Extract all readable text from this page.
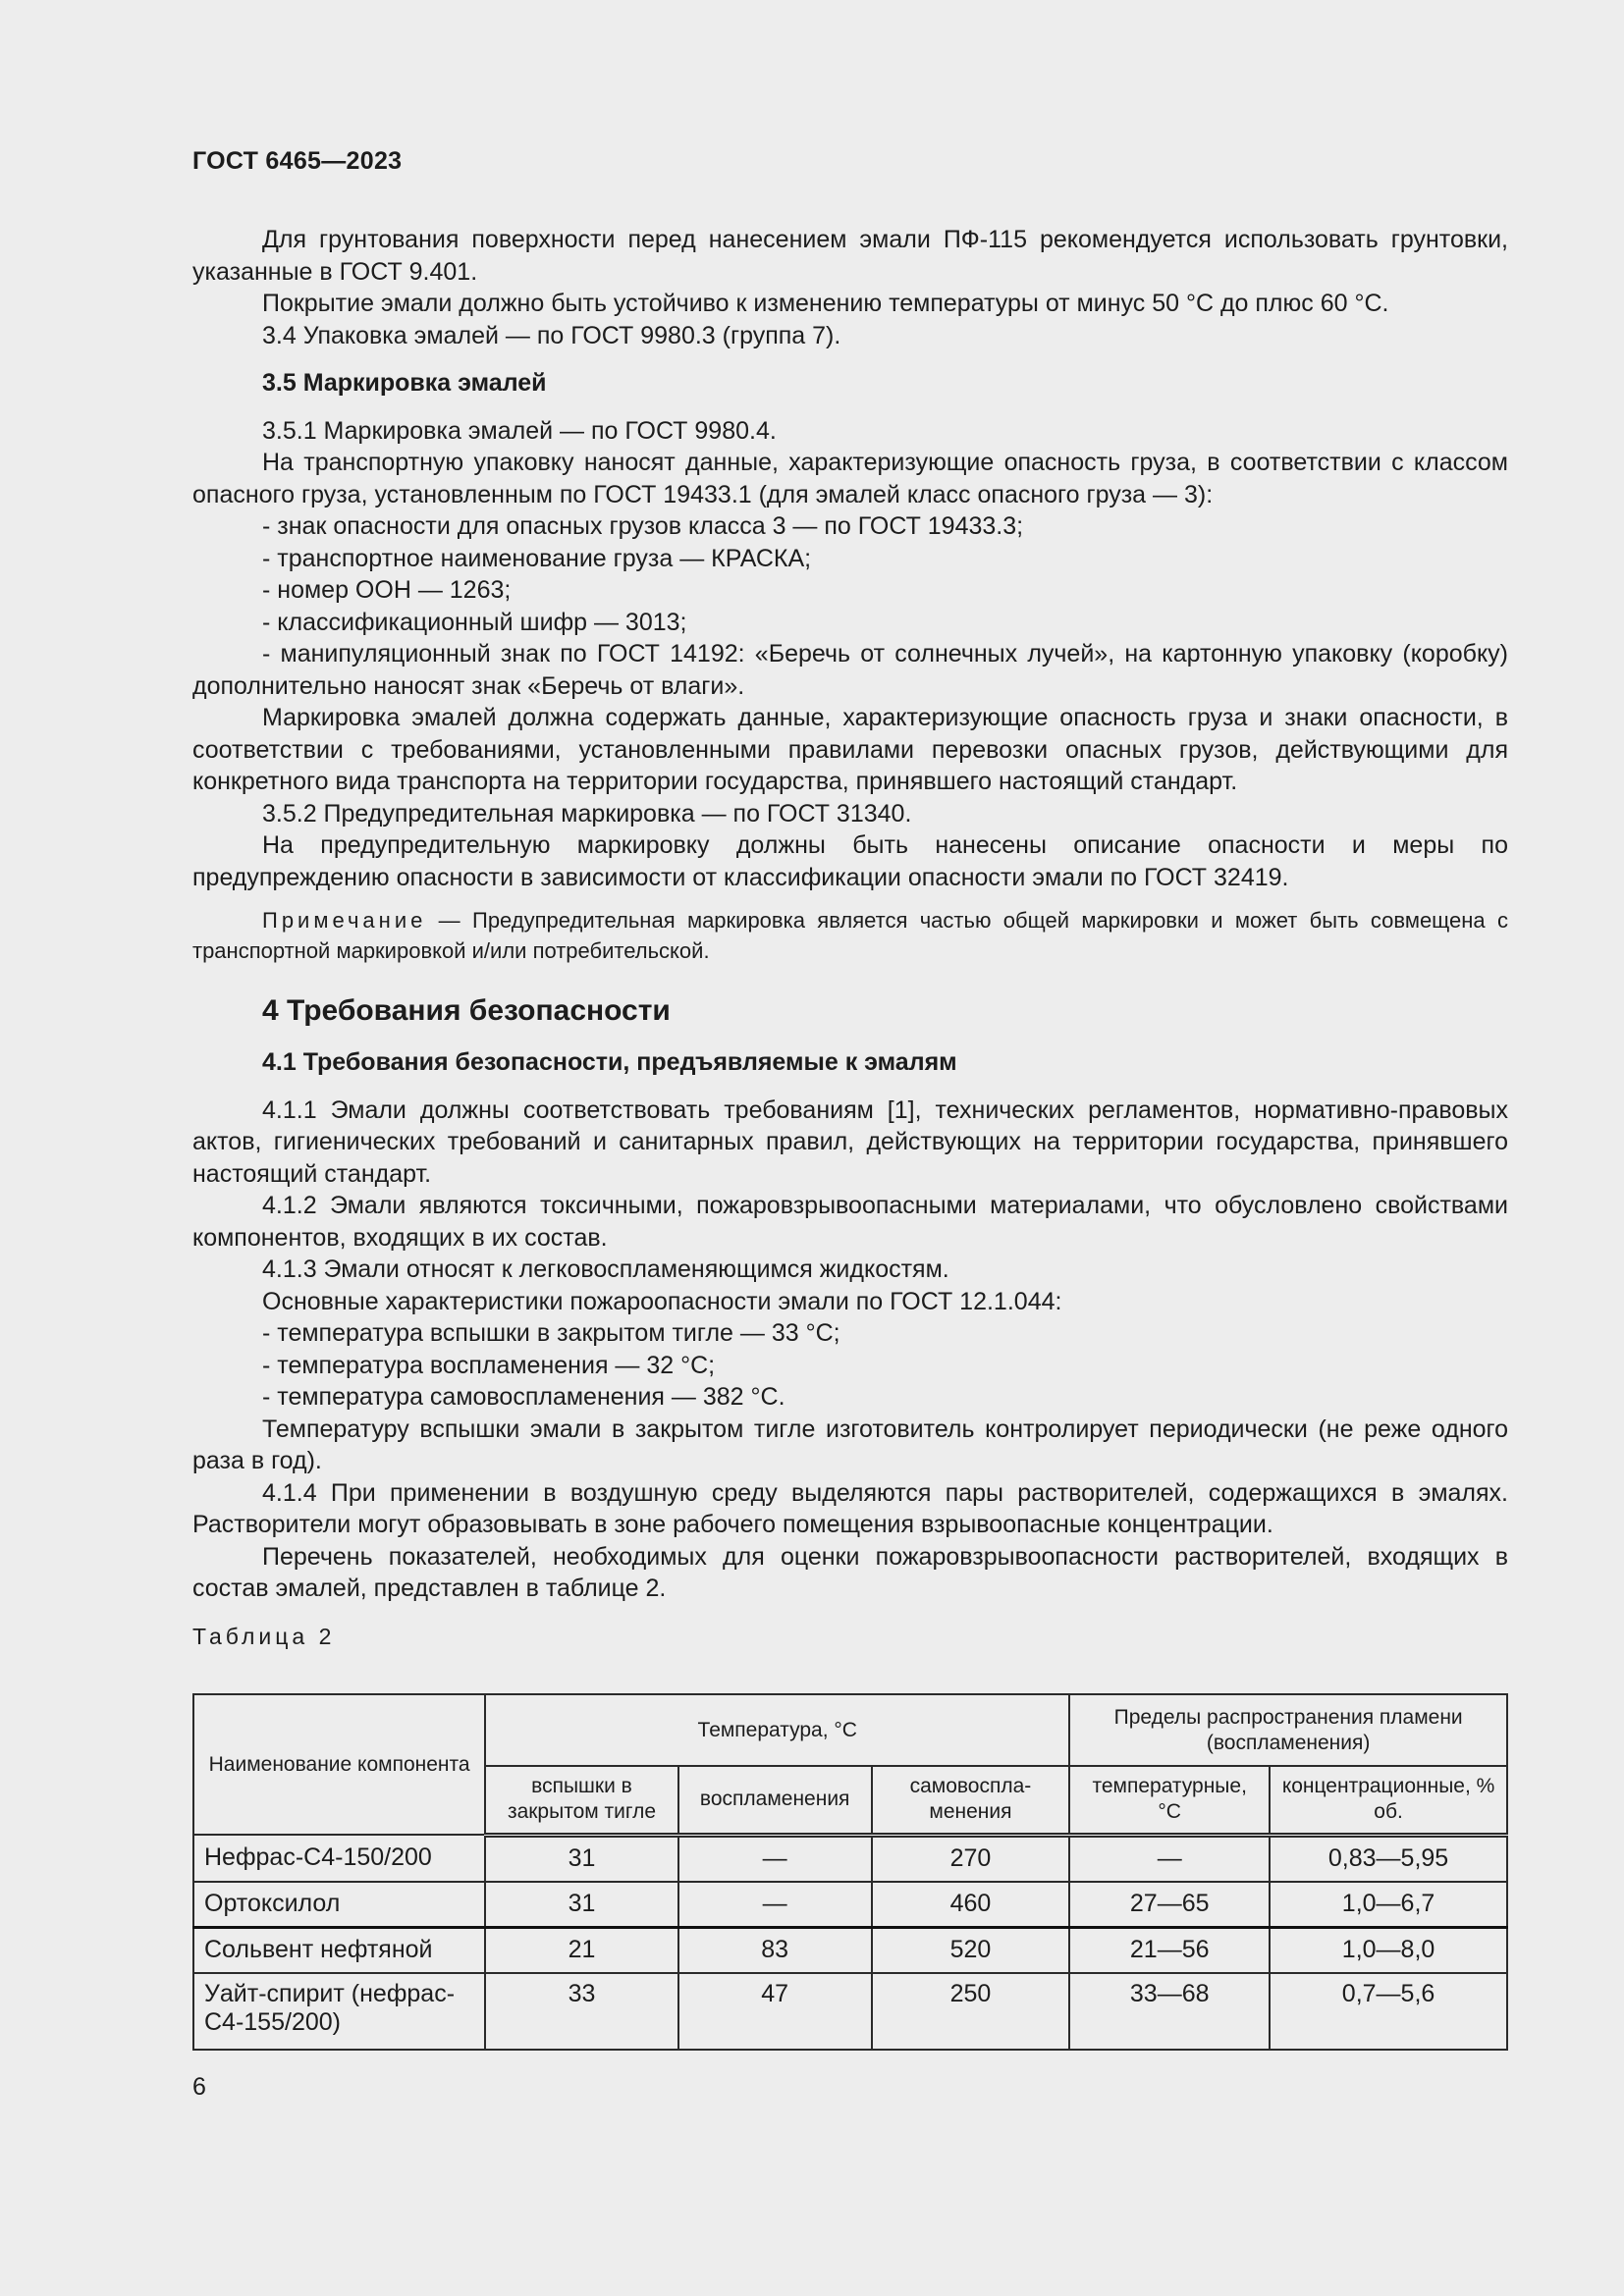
ГОСТ 6465—2023

Для грунтования поверхности перед нанесением эмали ПФ-115 рекомендуется использовать грунтовки, указанные в ГОСТ 9.401.

Покрытие эмали должно быть устойчиво к изменению температуры от минус 50 °C до плюс 60 °C.

3.4 Упаковка эмалей — по ГОСТ 9980.3 (группа 7).

3.5 Маркировка эмалей

3.5.1 Маркировка эмалей — по ГОСТ 9980.4.

На транспортную упаковку наносят данные, характеризующие опасность груза, в соответствии с классом опасного груза, установленным по ГОСТ 19433.1 (для эмалей класс опасного груза — 3):

- знак опасности для опасных грузов класса 3 — по ГОСТ 19433.3;

- транспортное наименование груза — КРАСКА;

- номер ООН — 1263;

- классификационный шифр — 3013;

- манипуляционный знак по ГОСТ 14192: «Беречь от солнечных лучей», на картонную упаковку (коробку) дополнительно наносят знак «Беречь от влаги».

Маркировка эмалей должна содержать данные, характеризующие опасность груза и знаки опасности, в соответствии с требованиями, установленными правилами перевозки опасных грузов, действующими для конкретного вида транспорта на территории государства, принявшего настоящий стандарт.

3.5.2 Предупредительная маркировка — по ГОСТ 31340.

На предупредительную маркировку должны быть нанесены описание опасности и меры по предупреждению опасности в зависимости от классификации опасности эмали по ГОСТ 32419.

Примечание — Предупредительная маркировка является частью общей маркировки и может быть совмещена с транспортной маркировкой и/или потребительской.

4 Требования безопасности

4.1 Требования безопасности, предъявляемые к эмалям

4.1.1 Эмали должны соответствовать требованиям [1], технических регламентов, нормативно-правовых актов, гигиенических требований и санитарных правил, действующих на территории государства, принявшего настоящий стандарт.

4.1.2 Эмали являются токсичными, пожаровзрывоопасными материалами, что обусловлено свойствами компонентов, входящих в их состав.

4.1.3 Эмали относят к легковоспламеняющимся жидкостям.

Основные характеристики пожароопасности эмали по ГОСТ 12.1.044:

- температура вспышки в закрытом тигле — 33 °C;

- температура воспламенения — 32 °C;

- температура самовоспламенения — 382 °C.

Температуру вспышки эмали в закрытом тигле изготовитель контролирует периодически (не реже одного раза в год).

4.1.4 При применении в воздушную среду выделяются пары растворителей, содержащихся в эмалях. Растворители могут образовывать в зоне рабочего помещения взрывоопасные концентрации.

Перечень показателей, необходимых для оценки пожаровзрывоопасности растворителей, входящих в состав эмалей, представлен в таблице 2.

Таблица 2

Наименование компонента	Температура, °C			Пределы распространения пламени (воспламенения)	
	вспышки в закрытом тигле	воспламенения	самовоспла-менения	температурные, °C	концентрационные, % об.
Нефрас-С4-150/200	31	—	270	—	0,83—5,95
Ортоксилол	31	—	460	27—65	1,0—6,7
Сольвент нефтяной	21	83	520	21—56	1,0—8,0
Уайт-спирит (нефрас-С4-155/200)	33	47	250	33—68	0,7—5,6
6
